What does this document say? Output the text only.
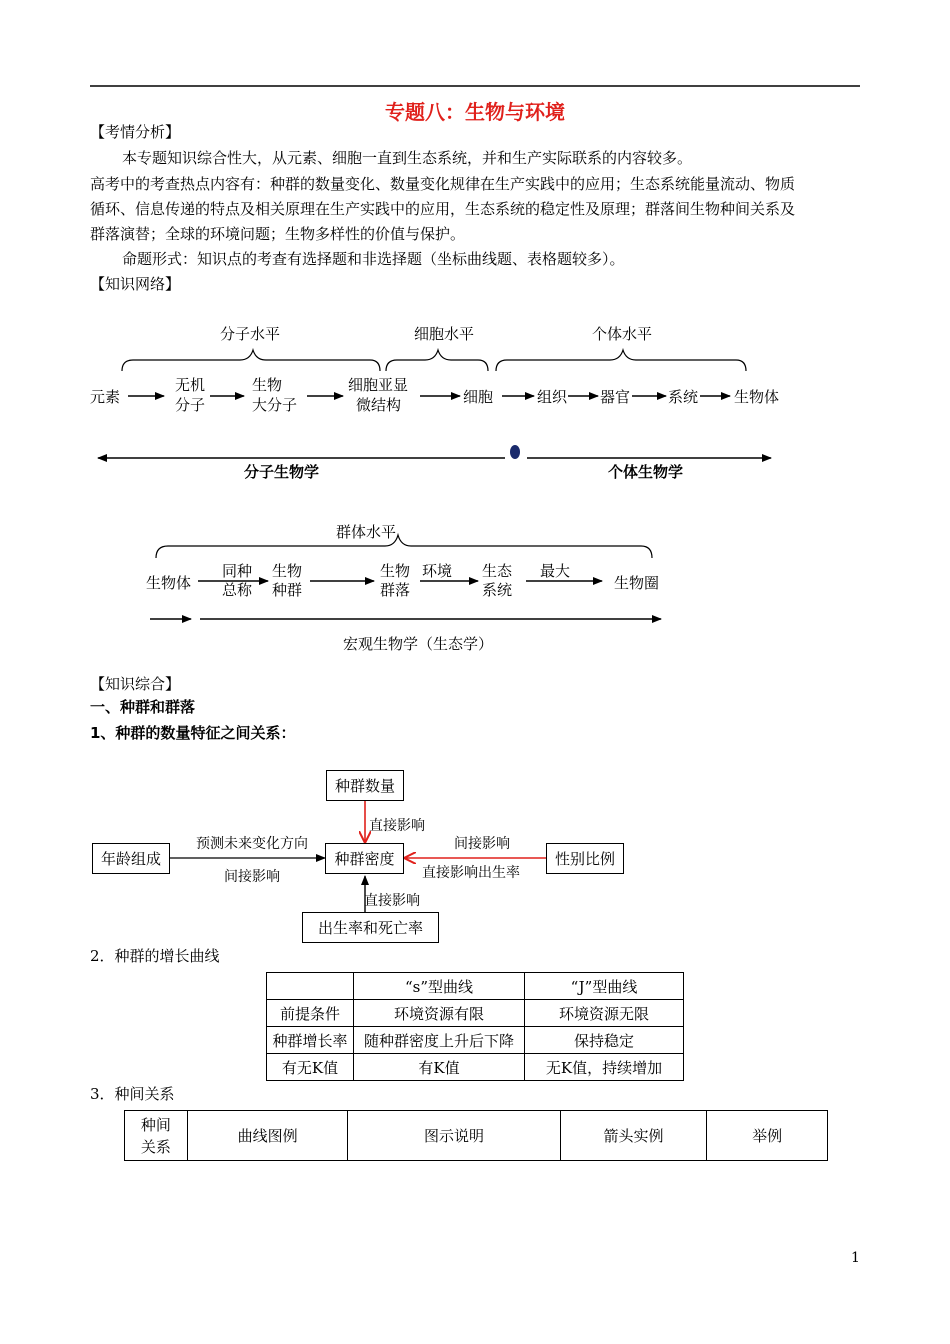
专题八：生物与环境
【考情分析】
本专题知识综合性大，从元素、细胞一直到生态系统，并和生产实际联系的内容较多。
高考中的考查热点内容有：种群的数量变化、数量变化规律在生产实践中的应用；生态系统能量流动、物质
循环、信息传递的特点及相关原理在生产实践中的应用，生态系统的稳定性及原理；群落间生物种间关系及
群落演替；全球的环境问题；生物多样性的价值与保护。
命题形式：知识点的考查有选择题和非选择题（坐标曲线题、表格题较多）。
【知识网络】
分子水平	细胞水平	个体水平
元素
无机
分子
生物
大分子
细胞亚显
微结构	细胞	组织 器官	系统 生物体
分子生物学	个体生物学
群体水平
生物体
同种
总称
生物
种群
生物
群落
环境 生态
系统
最大
生物圈
宏观生物学（生态学）
【知识综合】
一、种群和群落
1、种群的数量特征之间关系：
种群数量
年龄组成	种群密度	性别比例
出生率和死亡率
直接影响
预测未来变化方向
间接影响
间接影响
直接影响出生率
直接影响
2．种群的增长曲线
	“s”型曲线	“J”型曲线
前提条件	环境资源有限	环境资源无限
种群增长率	随种群密度上升后下降	保持稳定
有无K值	有K值	无K值，持续增加
3．种间关系
种间
关系	曲线图例	图示说明	箭头实例	举例
1
